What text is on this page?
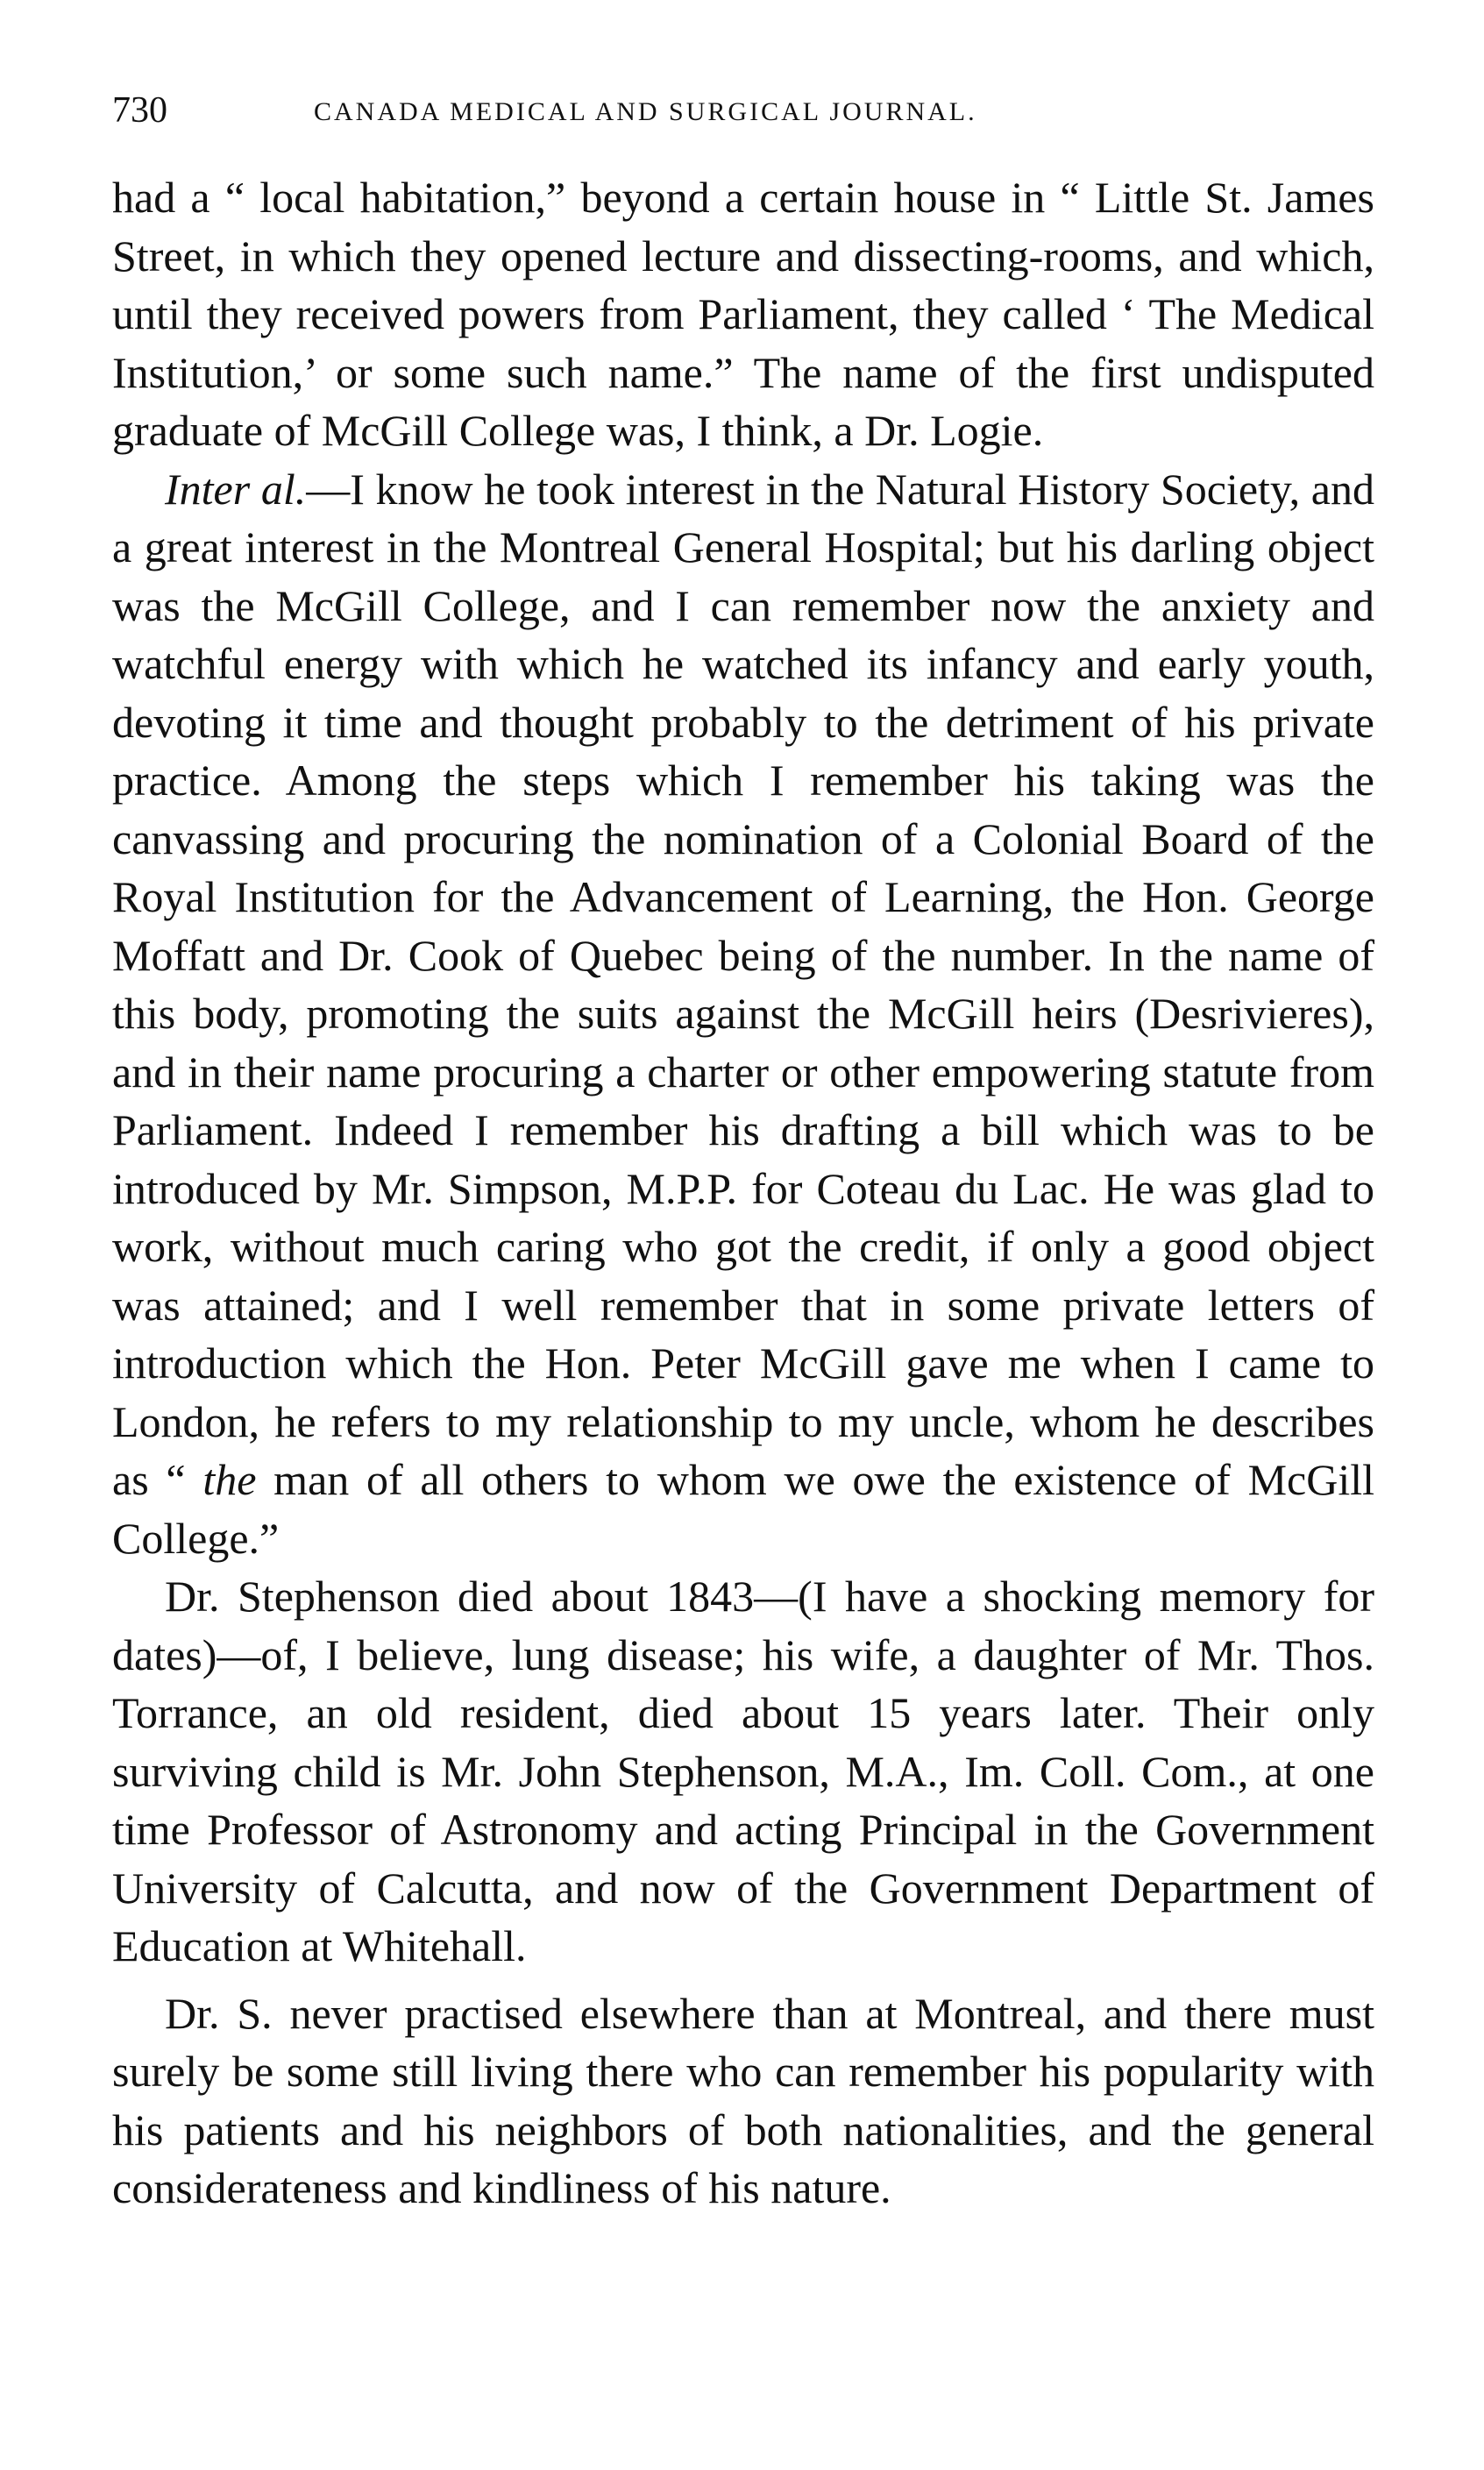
730	CANADA MEDICAL AND SURGICAL JOURNAL.

had a “ local habitation,” beyond a certain house in “ Little St. James Street, in which they opened lecture and dissecting-rooms, and which, until they received powers from Parliament, they called ‘ The Medical Institution,’ or some such name.” The name of the first undisputed graduate of McGill College was, I think, a Dr. Logie.

Inter al.—I know he took interest in the Natural History Society, and a great interest in the Montreal General Hospital; but his darling object was the McGill College, and I can remember now the anxiety and watchful energy with which he watched its infancy and early youth, devoting it time and thought probably to the detriment of his private practice. Among the steps which I remember his taking was the canvassing and procuring the nomination of a Colonial Board of the Royal Institution for the Advancement of Learning, the Hon. George Moffatt and Dr. Cook of Quebec being of the number. In the name of this body, promoting the suits against the McGill heirs (Desrivieres), and in their name procuring a charter or other empowering statute from Parliament. Indeed I remember his drafting a bill which was to be introduced by Mr. Simpson, M.P.P. for Coteau du Lac. He was glad to work, without much caring who got the credit, if only a good object was attained; and I well remember that in some private letters of introduction which the Hon. Peter McGill gave me when I came to London, he refers to my relationship to my uncle, whom he describes as “ the man of all others to whom we owe the existence of McGill College.”

Dr. Stephenson died about 1843—(I have a shocking memory for dates)—of, I believe, lung disease; his wife, a daughter of Mr. Thos. Torrance, an old resident, died about 15 years later. Their only surviving child is Mr. John Stephenson, M.A., Im. Coll. Com., at one time Professor of Astronomy and acting Principal in the Government University of Calcutta, and now of the Government Department of Education at Whitehall.

Dr. S. never practised elsewhere than at Montreal, and there must surely be some still living there who can remember his popularity with his patients and his neighbors of both nationalities, and the general considerateness and kindliness of his nature.
